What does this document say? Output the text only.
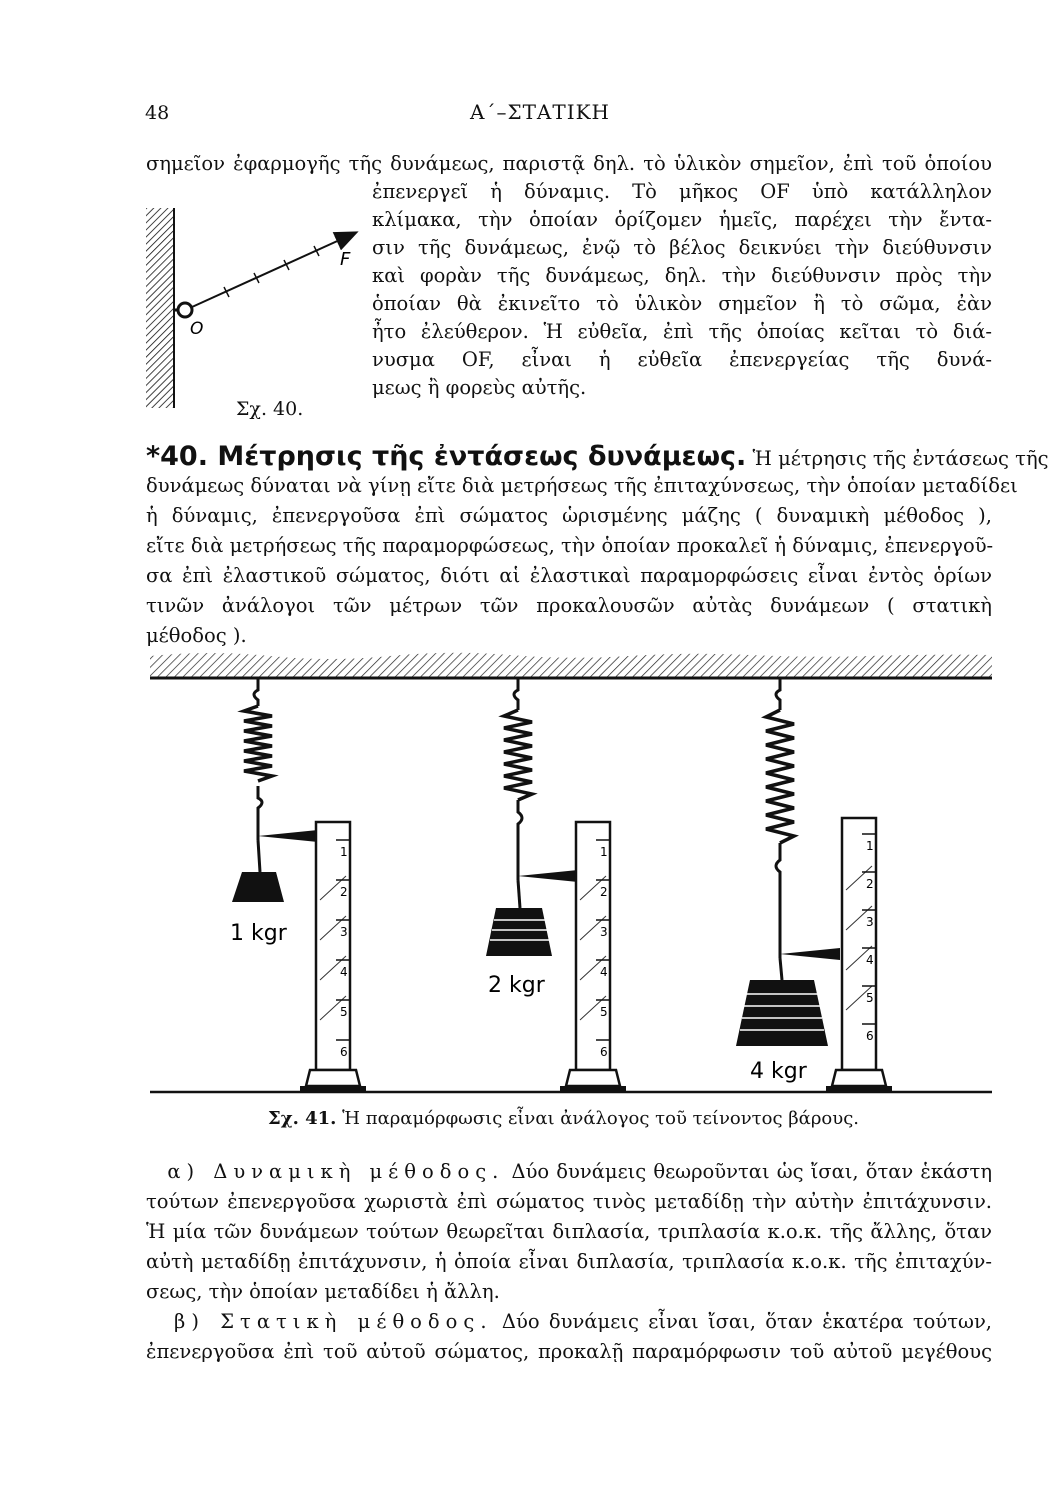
48	Α΄–ΣΤΑΤΙΚΗ
σημεῖον ἐφαρμογῆς τῆς δυνάμεως, παριστᾷ δηλ. τὸ ὑλικὸν σημεῖον, ἐπὶ τοῦ ὁποίου
F
O
Σχ. 40.
ἐπενεργεῖ ἡ δύναμις. Τὸ μῆκος OF ὑπὸ κατάλληλον
κλίμακα, τὴν ὁποίαν ὁρίζομεν ἡμεῖς, παρέχει τὴν ἔντα-
σιν τῆς δυνάμεως, ἐνῷ τὸ βέλος δεικνύει τὴν διεύθυνσιν
καὶ φορὰν τῆς δυνάμεως, δηλ. τὴν διεύθυνσιν πρὸς τὴν
ὁποίαν θὰ ἐκινεῖτο τὸ ὑλικὸν σημεῖον ἢ τὸ σῶμα, ἐὰν
ἦτο ἐλεύθερον. Ἡ εὐθεῖα, ἐπὶ τῆς ὁποίας κεῖται τὸ διά-
νυσμα OF, εἶναι ἡ εὐθεῖα ἐπενεργείας τῆς δυνά-
μεως ἢ φορεὺς αὐτῆς.
*40. Μέτρησις τῆς ἐντάσεως δυνάμεως. Ἡ μέτρησις τῆς ἐντάσεως τῆς
δυνάμεως δύναται νὰ γίνῃ εἴτε διὰ μετρήσεως τῆς ἐπιταχύνσεως, τὴν ὁποίαν μεταδίδει
ἡ δύναμις, ἐπενεργοῦσα ἐπὶ σώματος ὡρισμένης μάζης ( δυναμικὴ μέθοδος ),
εἴτε διὰ μετρήσεως τῆς παραμορφώσεως, τὴν ὁποίαν προκαλεῖ ἡ δύναμις, ἐπενεργοῦ-
σα ἐπὶ ἐλαστικοῦ σώματος, διότι αἱ ἐλαστικαὶ παραμορφώσεις εἶναι ἐντὸς ὁρίων
τινῶν ἀνάλογοι τῶν μέτρων τῶν προκαλουσῶν αὐτὰς δυνάμεων ( στατικὴ
μέθοδος ).
1
2
3
4
5
6
1 kgr
1
2
3
4
5
6
2 kgr
1
2
3
4
5
6
4 kgr
Σχ. 41. Ἡ παραμόρφωσις εἶναι ἀνάλογος τοῦ τείνοντος βάρους.
α) Δυναμικὴ μέθοδος. Δύο δυνάμεις θεωροῦνται ὡς ἴσαι, ὅταν ἑκάστη
τούτων ἐπενεργοῦσα χωριστὰ ἐπὶ σώματος τινὸς μεταδίδῃ τὴν αὐτὴν ἐπιτάχυνσιν.
Ἡ μία τῶν δυνάμεων τούτων θεωρεῖται διπλασία, τριπλασία κ.ο.κ. τῆς ἄλλης, ὅταν
αὐτὴ μεταδίδῃ ἐπιτάχυνσιν, ἡ ὁποία εἶναι διπλασία, τριπλασία κ.ο.κ. τῆς ἐπιταχύν-
σεως, τὴν ὁποίαν μεταδίδει ἡ ἄλλη.
β) Στατικὴ μέθοδος. Δύο δυνάμεις εἶναι ἴσαι, ὅταν ἑκατέρα τούτων,
ἐπενεργοῦσα ἐπὶ τοῦ αὐτοῦ σώματος, προκαλῇ παραμόρφωσιν τοῦ αὐτοῦ μεγέθους
